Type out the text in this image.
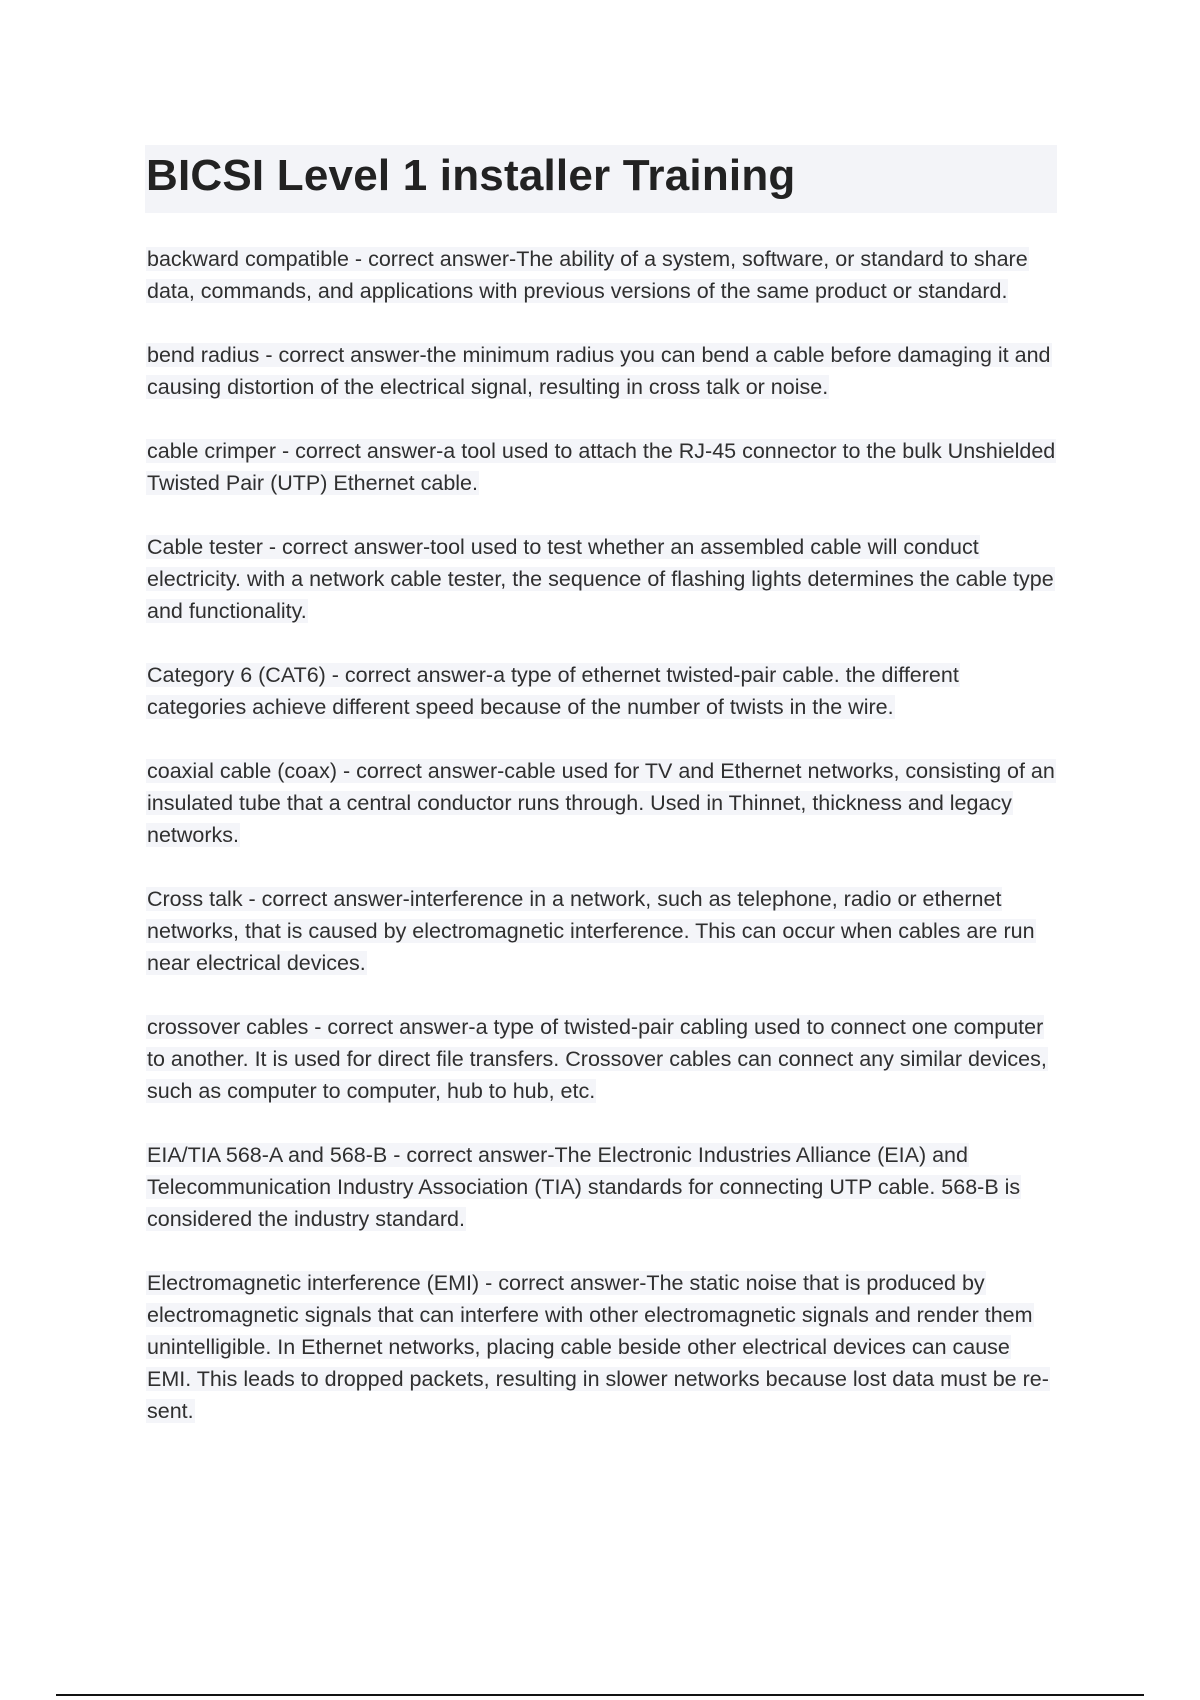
BICSI Level 1 installer Training

backward compatible - correct answer-The ability of a system, software, or standard to share data, commands, and applications with previous versions of the same product or standard.

bend radius - correct answer-the minimum radius you can bend a cable before damaging it and causing distortion of the electrical signal, resulting in cross talk or noise.

cable crimper - correct answer-a tool used to attach the RJ-45 connector to the bulk Unshielded Twisted Pair (UTP) Ethernet cable.

Cable tester - correct answer-tool used to test whether an assembled cable will conduct electricity. with a network cable tester, the sequence of flashing lights determines the cable type and functionality.

Category 6 (CAT6) - correct answer-a type of ethernet twisted-pair cable. the different categories achieve different speed because of the number of twists in the wire.

coaxial cable (coax) - correct answer-cable used for TV and Ethernet networks, consisting of an insulated tube that a central conductor runs through. Used in Thinnet, thickness and legacy networks.

Cross talk - correct answer-interference in a network, such as telephone, radio or ethernet networks, that is caused by electromagnetic interference. This can occur when cables are run near electrical devices.

crossover cables - correct answer-a type of twisted-pair cabling used to connect one computer to another. It is used for direct file transfers. Crossover cables can connect any similar devices, such as computer to computer, hub to hub, etc.

EIA/TIA 568-A and 568-B - correct answer-The Electronic Industries Alliance (EIA) and Telecommunication Industry Association (TIA) standards for connecting UTP cable. 568-B is considered the industry standard.

Electromagnetic interference (EMI) - correct answer-The static noise that is produced by electromagnetic signals that can interfere with other electromagnetic signals and render them unintelligible. In Ethernet networks, placing cable beside other electrical devices can cause EMI. This leads to dropped packets, resulting in slower networks because lost data must be re-sent.
